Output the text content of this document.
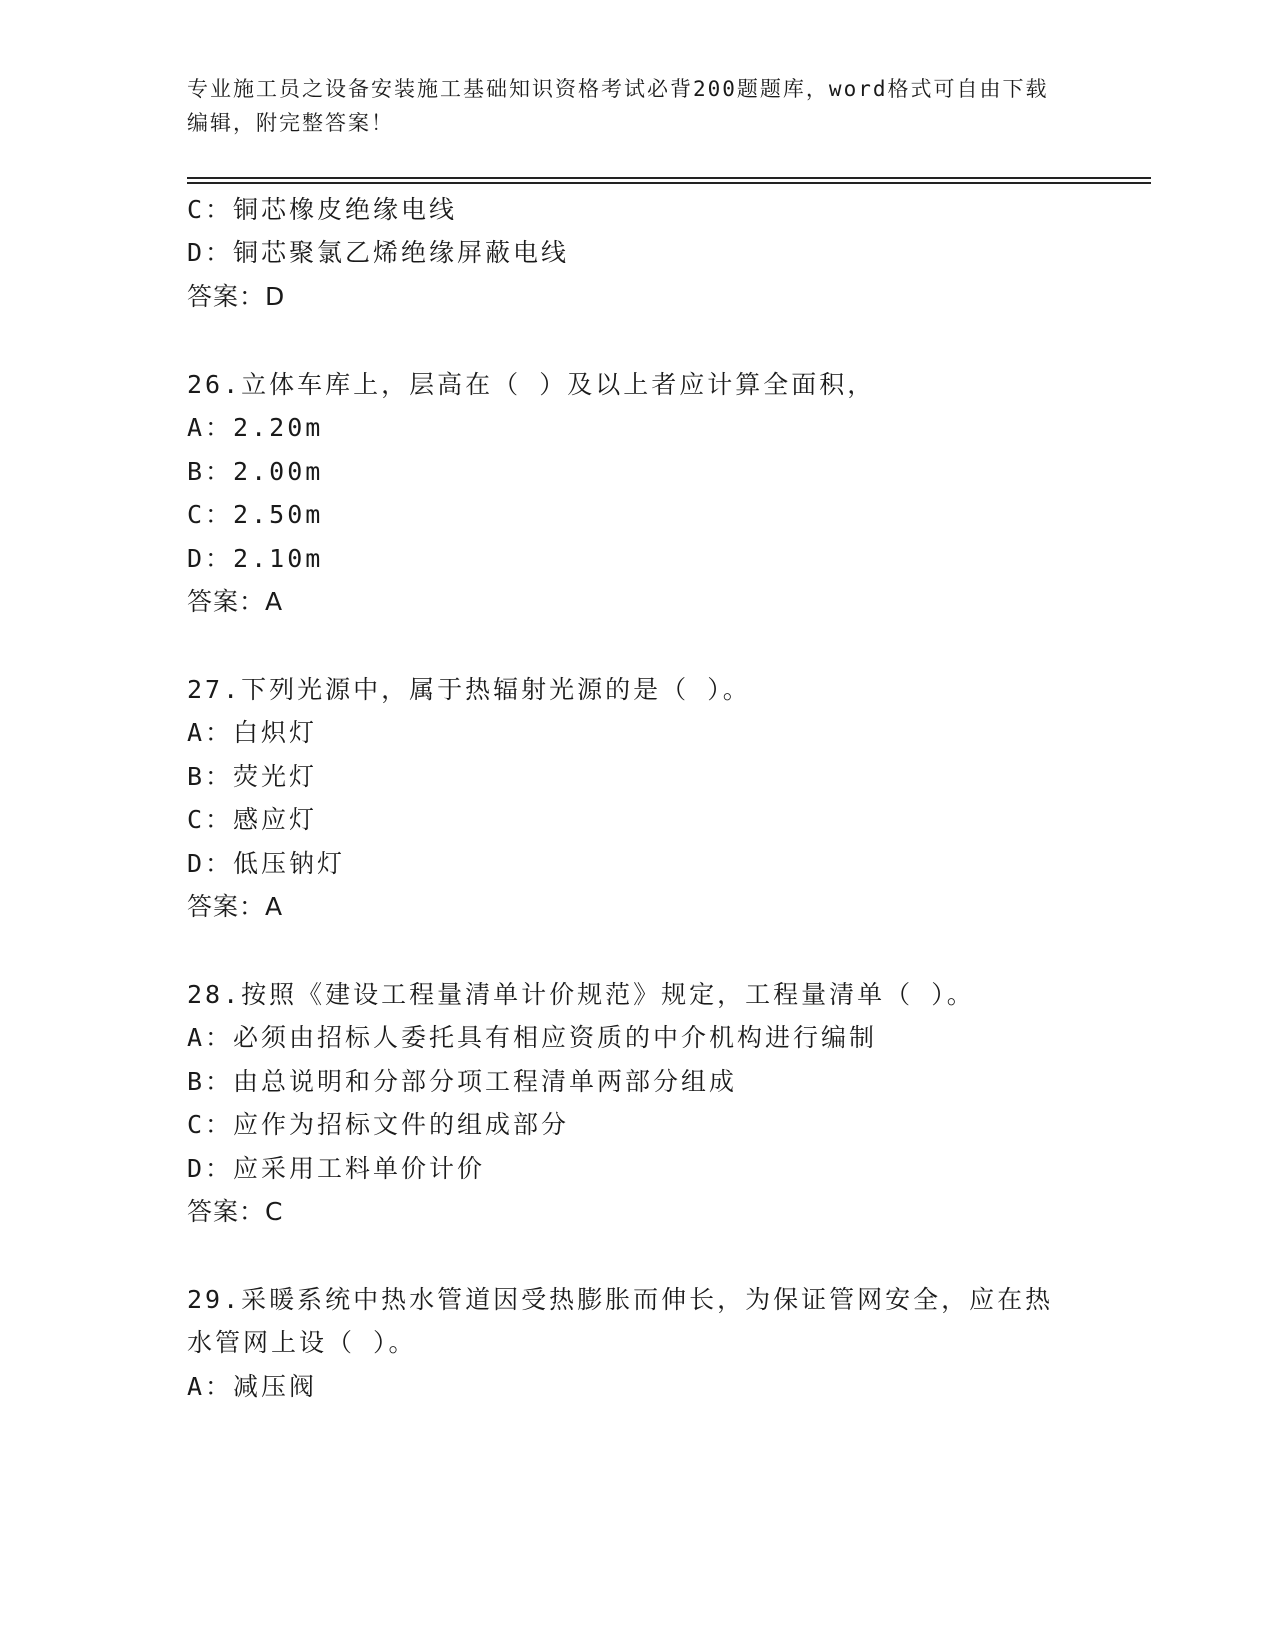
专业施工员之设备安装施工基础知识资格考试必背200题题库，word格式可自由下载编辑，附完整答案！
C：铜芯橡皮绝缘电线
D：铜芯聚氯乙烯绝缘屏蔽电线
答案：D
26.立体车库上，层高在（ ）及以上者应计算全面积，
A：2.20m
B：2.00m
C：2.50m
D：2.10m
答案：A
27.下列光源中，属于热辐射光源的是（ ）。
A：白炽灯
B：荧光灯
C：感应灯
D：低压钠灯
答案：A
28.按照《建设工程量清单计价规范》规定，工程量清单（ ）。
A：必须由招标人委托具有相应资质的中介机构进行编制
B：由总说明和分部分项工程清单两部分组成
C：应作为招标文件的组成部分
D：应采用工料单价计价
答案：C
29.采暖系统中热水管道因受热膨胀而伸长，为保证管网安全，应在热
水管网上设（ ）。
A：减压阀
